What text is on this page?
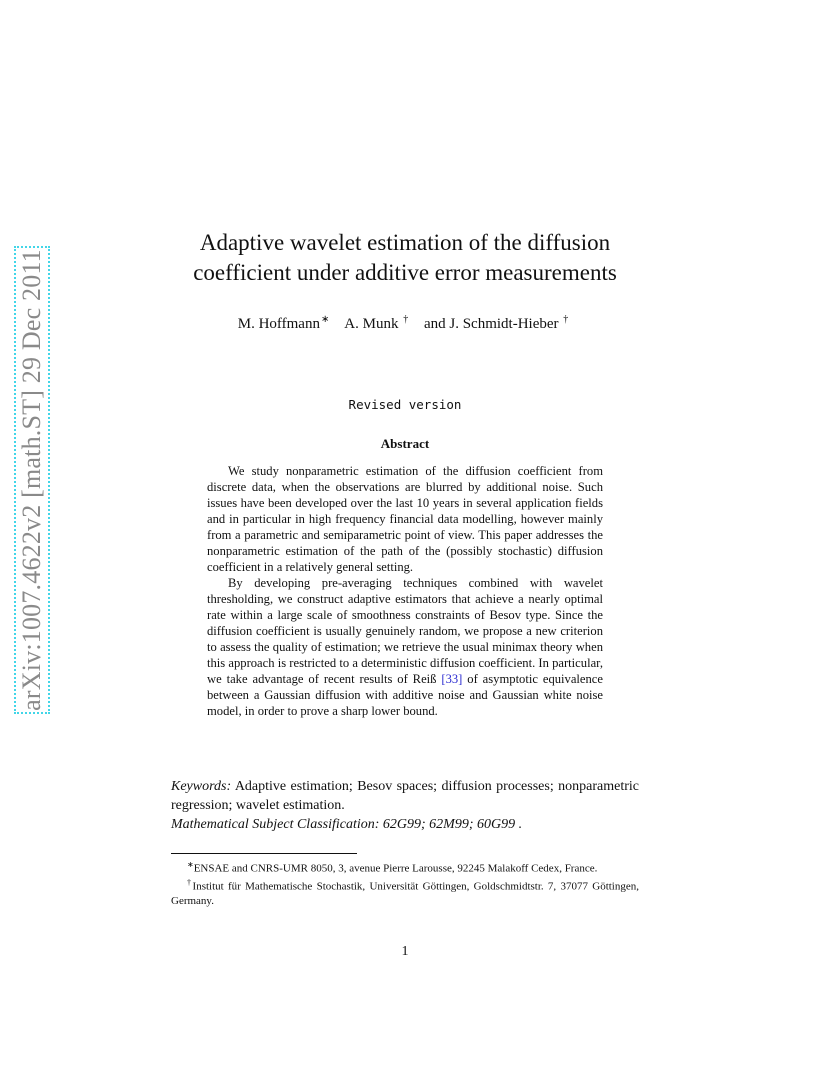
arXiv:1007.4622v2 [math.ST] 29 Dec 2011
Adaptive wavelet estimation of the diffusion
coefficient under additive error measurements
M. Hoffmann∗ A. Munk † and J. Schmidt-Hieber †
Revised version
Abstract

We study nonparametric estimation of the diffusion coefficient from discrete data, when the observations are blurred by additional noise. Such issues have been developed over the last 10 years in several application fields and in particular in high frequency financial data modelling, however mainly from a parametric and semiparametric point of view. This paper addresses the nonparametric estimation of the path of the (possibly stochastic) diffusion coefficient in a relatively general setting.

By developing pre-averaging techniques combined with wavelet thresholding, we construct adaptive estimators that achieve a nearly optimal rate within a large scale of smoothness constraints of Besov type. Since the diffusion coefficient is usually genuinely random, we propose a new criterion to assess the quality of estimation; we retrieve the usual minimax theory when this approach is restricted to a deterministic diffusion coefficient. In particular, we take advantage of recent results of Reiß [33] of asymptotic equivalence between a Gaussian diffusion with additive noise and Gaussian white noise model, in order to prove a sharp lower bound.

Keywords: Adaptive estimation; Besov spaces; diffusion processes; nonparametric regression; wavelet estimation.
Mathematical Subject Classification: 62G99; 62M99; 60G99 .

∗ENSAE and CNRS-UMR 8050, 3, avenue Pierre Larousse, 92245 Malakoff Cedex, France.

†Institut für Mathematische Stochastik, Universität Göttingen, Goldschmidtstr. 7, 37077 Göttingen, Germany.

1
